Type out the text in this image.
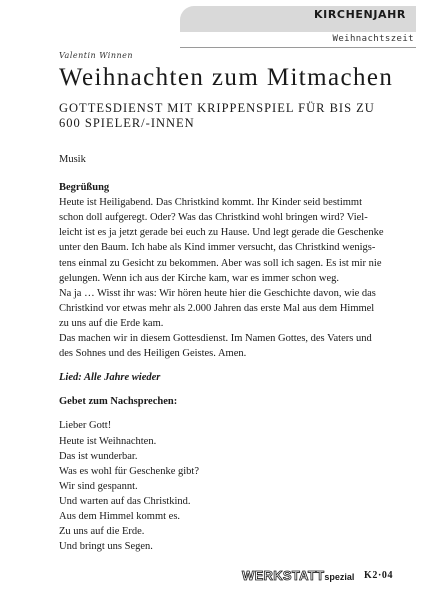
KIRCHENJAHR
Weihnachtszeit
Valentin Winnen
Weihnachten zum Mitmachen
GOTTESDIENST MIT KRIPPENSPIEL FÜR BIS ZU 600 SPIELER/-INNEN
Musik
Begrüßung
Heute ist Heiligabend. Das Christkind kommt. Ihr Kinder seid bestimmt
schon doll aufgeregt. Oder? Was das Christkind wohl bringen wird? Viel-
leicht ist es ja jetzt gerade bei euch zu Hause. Und legt gerade die Geschenke
unter den Baum. Ich habe als Kind immer versucht, das Christkind wenigs-
tens einmal zu Gesicht zu bekommen. Aber was soll ich sagen. Es ist mir nie
gelungen. Wenn ich aus der Kirche kam, war es immer schon weg.
Na ja … Wisst ihr was: Wir hören heute hier die Geschichte davon, wie das
Christkind vor etwas mehr als 2.000 Jahren das erste Mal aus dem Himmel
zu uns auf die Erde kam.
Das machen wir in diesem Gottesdienst. Im Namen Gottes, des Vaters und
des Sohnes und des Heiligen Geistes. Amen.
Lied: Alle Jahre wieder
Gebet zum Nachsprechen:
Lieber Gott!
Heute ist Weihnachten.
Das ist wunderbar.
Was es wohl für Geschenke gibt?
Wir sind gespannt.
Und warten auf das Christkind.
Aus dem Himmel kommt es.
Zu uns auf die Erde.
Und bringt uns Segen.
WERKSTATTspezial K2·04
